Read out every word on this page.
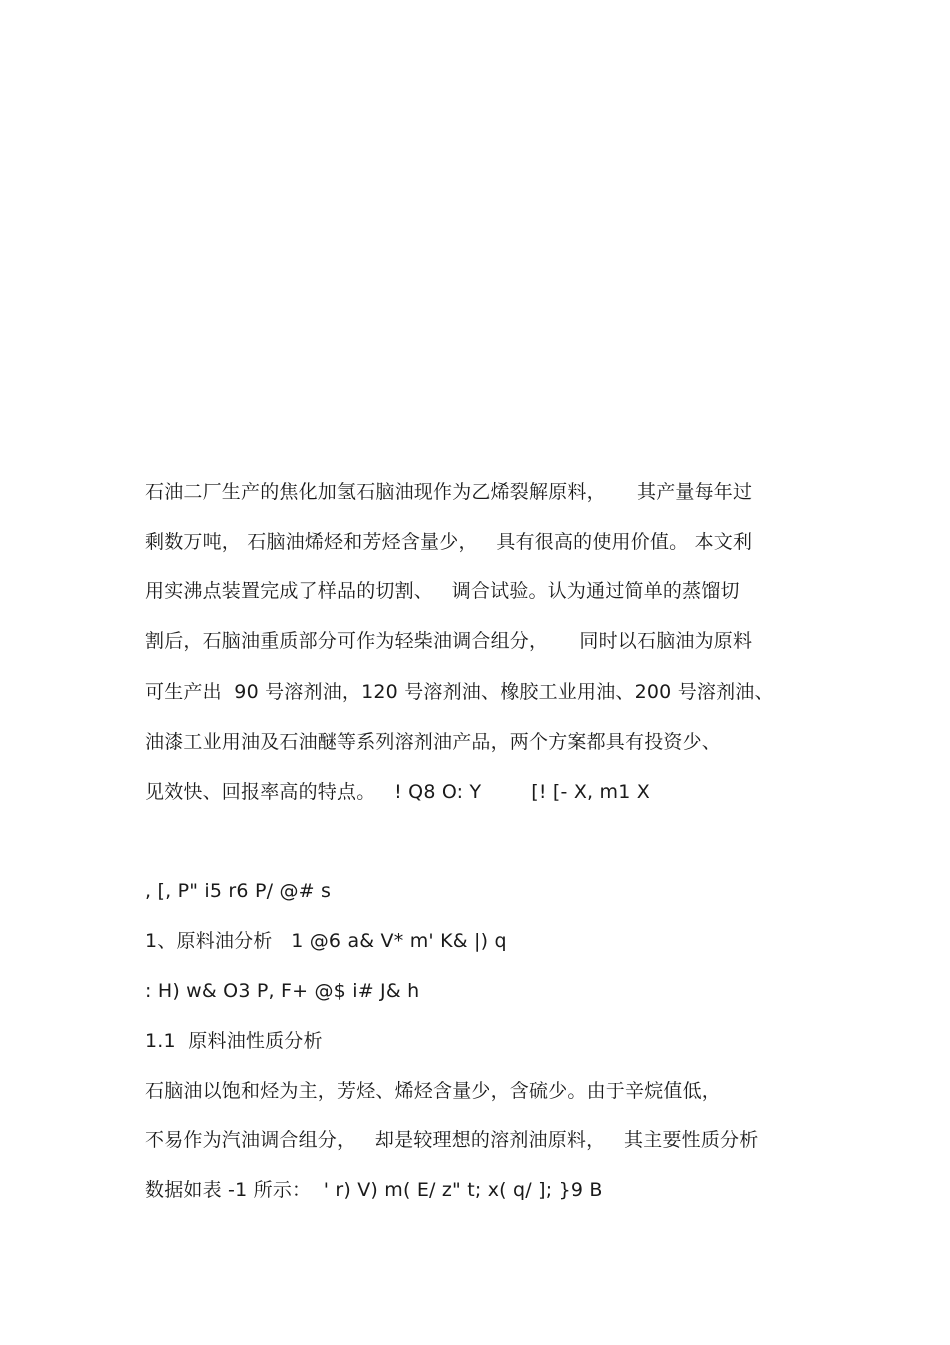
石油二厂生产的焦化加氢石脑油现作为乙烯裂解原料，     其产量每年过
剩数万吨， 石脑油烯烃和芳烃含量少，   具有很高的使用价值。 本文利
用实沸点装置完成了样品的切割、   调合试验。认为通过简单的蒸馏切
割后，石脑油重质部分可作为轻柴油调合组分，     同时以石脑油为原料
可生产出  90 号溶剂油，120 号溶剂油、橡胶工业用油、200 号溶剂油、
油漆工业用油及石油醚等系列溶剂油产品，两个方案都具有投资少、
见效快、回报率高的特点。   ! Q8 O: Y        [! [- X, m1 X
, [, P" i5 r6 P/ @# s
1、原料油分析   1 @6 a& V* m' K& |) q
: H) w& O3 P, F+ @$ i# J& h
1.1  原料油性质分析
石脑油以饱和烃为主，芳烃、烯烃含量少，含硫少。由于辛烷值低，
不易作为汽油调合组分，   却是较理想的溶剂油原料，   其主要性质分析
数据如表 -1 所示：  ' r) V) m( E/ z" t; x( q/ ]; }9 B
